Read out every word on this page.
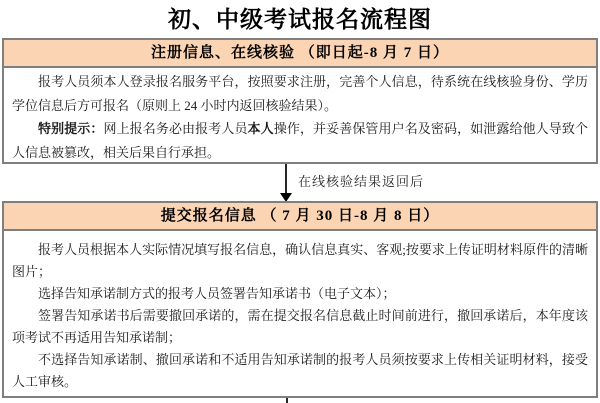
初、中级考试报名流程图
注册信息、在线核验 （即日起-8 月 7 日）

报考人员须本人登录报名服务平台，按照要求注册，完善个人信息，待系统在线核验身份、学历学位信息后方可报名（原则上 24 小时内返回核验结果）。

特别提示：网上报名务必由报考人员本人操作，并妥善保管用户名及密码，如泄露给他人导致个人信息被篡改，相关后果自行承担。

在线核验结果返回后
提交报名信息 （ 7 月 30 日-8 月 8 日）

报考人员根据本人实际情况填写报名信息，确认信息真实、客观;按要求上传证明材料原件的清晰图片；

选择告知承诺制方式的报考人员签署告知承诺书（电子文本）；

签署告知承诺书后需要撤回承诺的，需在提交报名信息截止时间前进行，撤回承诺后，本年度该项考试不再适用告知承诺制；

不选择告知承诺制、撤回承诺和不适用告知承诺制的报考人员须按要求上传相关证明材料，接受人工审核。
